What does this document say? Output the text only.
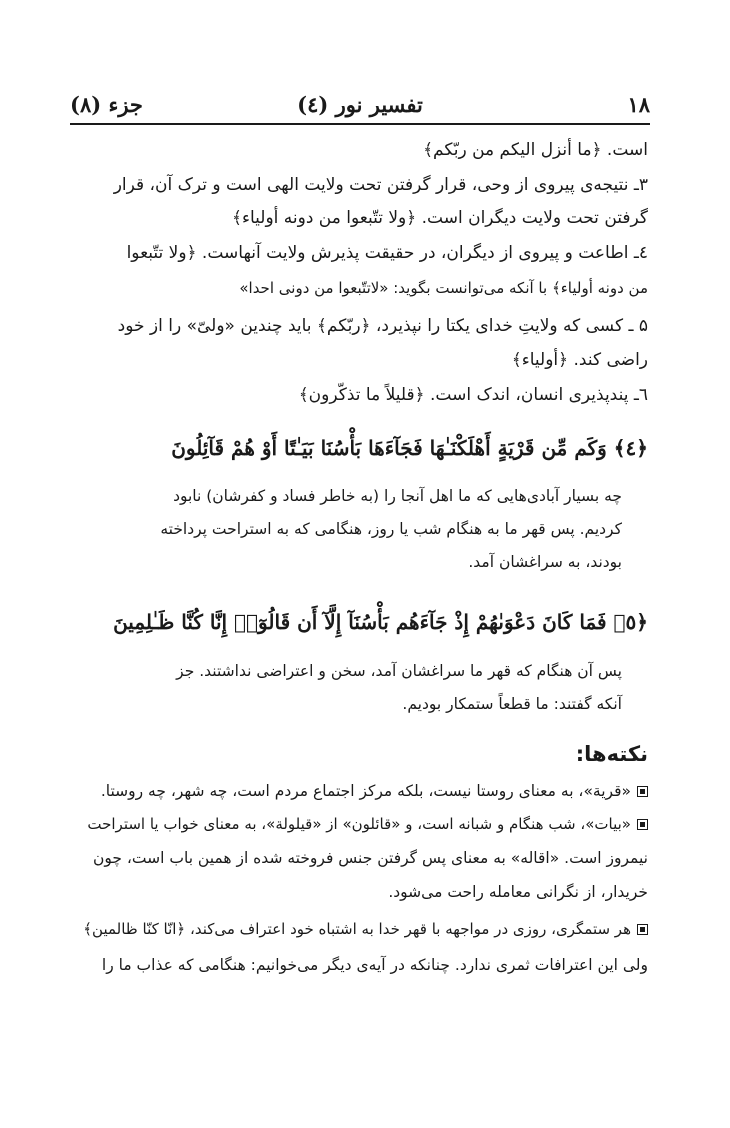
۱۸
تفسیر نور (٤)
جزء (۸)
است. ﴿ما أنزل اليكم من ربّكم﴾
۳ـ نتیجه‌ی پیروی از وحی، قرار گرفتن تحت ولایت الهی است و ترک آن، قرار
گرفتن تحت ولایت دیگران است. ﴿ولا تتّبعوا من دونه أولياء﴾
٤ـ اطاعت و پیروی از دیگران، در حقیقت پذیرش ولایت آنهاست. ﴿ولا تتّبعوا
من دونه أولياء﴾ با آنکه می‌توانست بگوید: «لاتتّبعوا من دونى احدا»
۵ ـ کسی که ولایتِ خدای یکتا را نپذیرد، ﴿ربّكم﴾ باید چندین «ولىّ» را از خود
راضی کند. ﴿أولياء﴾
٦ـ پندپذیری انسان، اندک است. ﴿قليلاً ما تذكّرون﴾
﴿٤﴾ وَكَم مِّن قَرْيَةٍ أَهْلَكْنَـٰهَا فَجَآءَهَا بَأْسُنَا بَيَـٰتًا أَوْ هُمْ قَآئِلُونَ
چه بسیار آبادی‌هایی که ما اهل آنجا را (به خاطر فساد و کفرشان) نابود
کردیم. پس قهر ما به هنگام شب یا روز، هنگامی که به استراحت پرداخته
بودند، به سراغشان آمد.
﴿٥﴾ فَمَا كَانَ دَعْوَىٰهُمْ إِذْ جَآءَهُم بَأْسُنَآ إِلَّآ أَن قَالُوٓا۟ إِنَّا كُنَّا ظَـٰلِمِينَ
پس آن هنگام که قهر ما سراغشان آمد، سخن و اعتراضی نداشتند. جز
آنکه گفتند: ما قطعاً ستمکار بودیم.
نکته‌ها:
«قرية»، به معنای روستا نیست، بلکه مرکز اجتماع مردم است، چه شهر، چه روستا.
«بيات»، شب هنگام و شبانه است، و «قائلون» از «قيلولة»، به معنای خواب یا استراحت
نیمروز است. «اقاله» به معنای پس گرفتن جنس فروخته شده از همین باب است، چون
خریدار، از نگرانی معامله راحت می‌شود.
هر ستمگری، روزی در مواجهه با قهر خدا به اشتباه خود اعتراف می‌کند، ﴿انّا كنّا ظالمين﴾
ولی این اعترافات ثمری ندارد. چنانکه در آیه‌ی دیگر می‌خوانیم: هنگامی که عذاب ما را
